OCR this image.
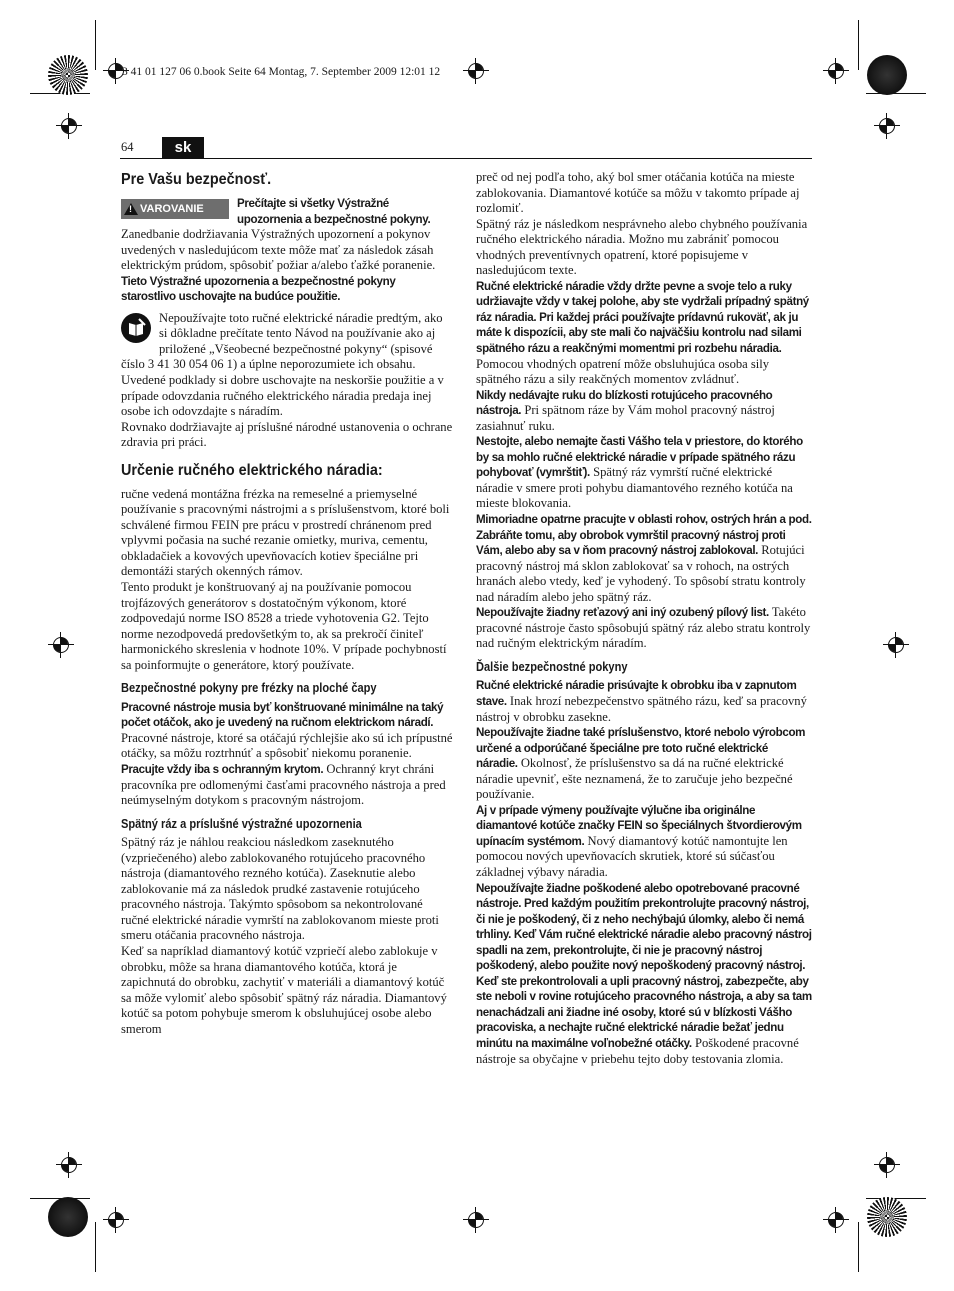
3 41 01 127 06 0.book Seite 64 Montag, 7. September 2009 12:01 12
64	sk
Pre Vašu bezpečnosť.

!
VAROVANIE	Prečítajte si všetky Výstražné upozornenia a bezpečnostné pokyny. Zanedbanie dodržiavania Výstražných upozornení a pokynov uvedených v nasledujúcom texte môže mať za následok zásah elektrickým prúdom, spôsobiť požiar a/alebo ťažké poranenie.

Tieto Výstražné upozornenia a bezpečnostné pokyny starostlivo uschovajte na budúce použitie.

Nepoužívajte toto ručné elektrické náradie predtým, ako si dôkladne prečítate tento Návod na používanie ako aj priložené „Všeobecné bezpečnostné pokyny“ (spisové číslo 3 41 30 054 06 1) a úplne neporozumiete ich obsahu. Uvedené podklady si dobre uschovajte na neskoršie použitie a v prípade odovzdania ručného elektrického náradia predaja inej osobe ich odovzdajte s náradím.

Rovnako dodržiavajte aj príslušné národné ustanovenia o ochrane zdravia pri práci.

Určenie ručného elektrického náradia:

ručne vedená montážna frézka na remeselné a priemyselné používanie s pracovnými nástrojmi a s príslušenstvom, ktoré boli schválené firmou FEIN pre prácu v prostredí chránenom pred vplyvmi počasia na suché rezanie omietky, muriva, cementu, obkladačiek a kovových upevňovacích kotiev špeciálne pri demontáži starých okenných rámov.

Tento produkt je konštruovaný aj na používanie pomocou trojfázových generátorov s dostatočným výkonom, ktoré zodpovedajú norme ISO 8528 a triede vyhotovenia G2. Tejto norme nezodpovedá predovšetkým to, ak sa prekročí činiteľ harmonického skreslenia v hodnote 10%. V prípade pochybností sa poinformujte o generátore, ktorý používate.

Bezpečnostné pokyny pre frézky na ploché čapy

Pracovné nástroje musia byť konštruované minimálne na taký počet otáčok, ako je uvedený na ručnom elektrickom náradí. Pracovné nástroje, ktoré sa otáčajú rýchlejšie ako sú ich prípustné otáčky, sa môžu roztrhnúť a spôsobiť niekomu poranenie.

Pracujte vždy iba s ochranným krytom. Ochranný kryt chráni pracovníka pre odlomenými časťami pracovného nástroja a pred neúmyselným dotykom s pracovným nástrojom.

Spätný ráz a príslušné výstražné upozornenia

Spätný ráz je náhlou reakciou následkom zaseknutého (vzpriečeného) alebo zablokovaného rotujúceho pracovného nástroja (diamantového rezného kotúča). Zaseknutie alebo zablokovanie má za následok prudké zastavenie rotujúceho pracovného nástroja. Takýmto spôsobom sa nekontrolované ručné elektrické náradie vymrští na zablokovanom mieste proti smeru otáčania pracovného nástroja.

Keď sa napríklad diamantový kotúč vzpriečí alebo zablokuje v obrobku, môže sa hrana diamantového kotúča, ktorá je zapichnutá do obrobku, zachytiť v materiáli a diamantový kotúč sa môže vylomiť alebo spôsobiť spätný ráz náradia. Diamantový kotúč sa potom pohybuje smerom k obsluhujúcej osobe alebo smerom

preč od nej podľa toho, aký bol smer otáčania kotúča na mieste zablokovania. Diamantové kotúče sa môžu v takomto prípade aj rozlomiť.

Spätný ráz je následkom nesprávneho alebo chybného používania ručného elektrického náradia. Možno mu zabrániť pomocou vhodných preventívnych opatrení, ktoré popisujeme v nasledujúcom texte.

Ručné elektrické náradie vždy držte pevne a svoje telo a ruky udržiavajte vždy v takej polohe, aby ste vydržali prípadný spätný ráz náradia. Pri každej práci používajte prídavnú rukoväť, ak ju máte k dispozícii, aby ste mali čo najväčšiu kontrolu nad silami spätného rázu a reakčnými momentmi pri rozbehu náradia. Pomocou vhodných opatrení môže obsluhujúca osoba sily spätného rázu a sily reakčných momentov zvládnuť.

Nikdy nedávajte ruku do blízkosti rotujúceho pracovného nástroja. Pri spätnom ráze by Vám mohol pracovný nástroj zasiahnuť ruku.

Nestojte, alebo nemajte časti Vášho tela v priestore, do ktorého by sa mohlo ručné elektrické náradie v prípade spätného rázu pohybovať (vymrštiť). Spätný ráz vymrští ručné elektrické náradie v smere proti pohybu diamantového rezného kotúča na mieste blokovania.

Mimoriadne opatrne pracujte v oblasti rohov, ostrých hrán a pod. Zabráňte tomu, aby obrobok vymrštil pracovný nástroj proti Vám, alebo aby sa v ňom pracovný nástroj zablokoval. Rotujúci pracovný nástroj má sklon zablokovať sa v rohoch, na ostrých hranách alebo vtedy, keď je vyhodený. To spôsobí stratu kontroly nad náradím alebo jeho spätný ráz.

Nepoužívajte žiadny reťazový ani iný ozubený pílový list. Takéto pracovné nástroje často spôsobujú spätný ráz alebo stratu kontroly nad ručným elektrickým náradím.

Ďalšie bezpečnostné pokyny

Ručné elektrické náradie prisúvajte k obrobku iba v zapnutom stave. Inak hrozí nebezpečenstvo spätného rázu, keď sa pracovný nástroj v obrobku zasekne.

Nepoužívajte žiadne také príslušenstvo, ktoré nebolo výrobcom určené a odporúčané špeciálne pre toto ručné elektrické náradie. Okolnosť, že príslušenstvo sa dá na ručné elektrické náradie upevniť, ešte neznamená, že to zaručuje jeho bezpečné používanie.

Aj v prípade výmeny používajte výlučne iba originálne diamantové kotúče značky FEIN so špeciálnych štvordierovým upínacím systémom. Nový diamantový kotúč namontujte len pomocou nových upevňovacích skrutiek, ktoré sú súčasťou základnej výbavy náradia.

Nepoužívajte žiadne poškodené alebo opotrebované pracovné nástroje. Pred každým použitím prekontrolujte pracovný nástroj, či nie je poškodený, či z neho nechýbajú úlomky, alebo či nemá trhliny. Keď Vám ručné elektrické náradie alebo pracovný nástroj spadli na zem, prekontrolujte, či nie je pracovný nástroj poškodený, alebo použite nový nepoškodený pracovný nástroj. Keď ste prekontrolovali a upli pracovný nástroj, zabezpečte, aby ste neboli v rovine rotujúceho pracovného nástroja, a aby sa tam nenachádzali ani žiadne iné osoby, ktoré sú v blízkosti Vášho pracoviska, a nechajte ručné elektrické náradie bežať jednu minútu na maximálne voľnobežné otáčky. Poškodené pracovné nástroje sa obyčajne v priebehu tejto doby testovania zlomia.
